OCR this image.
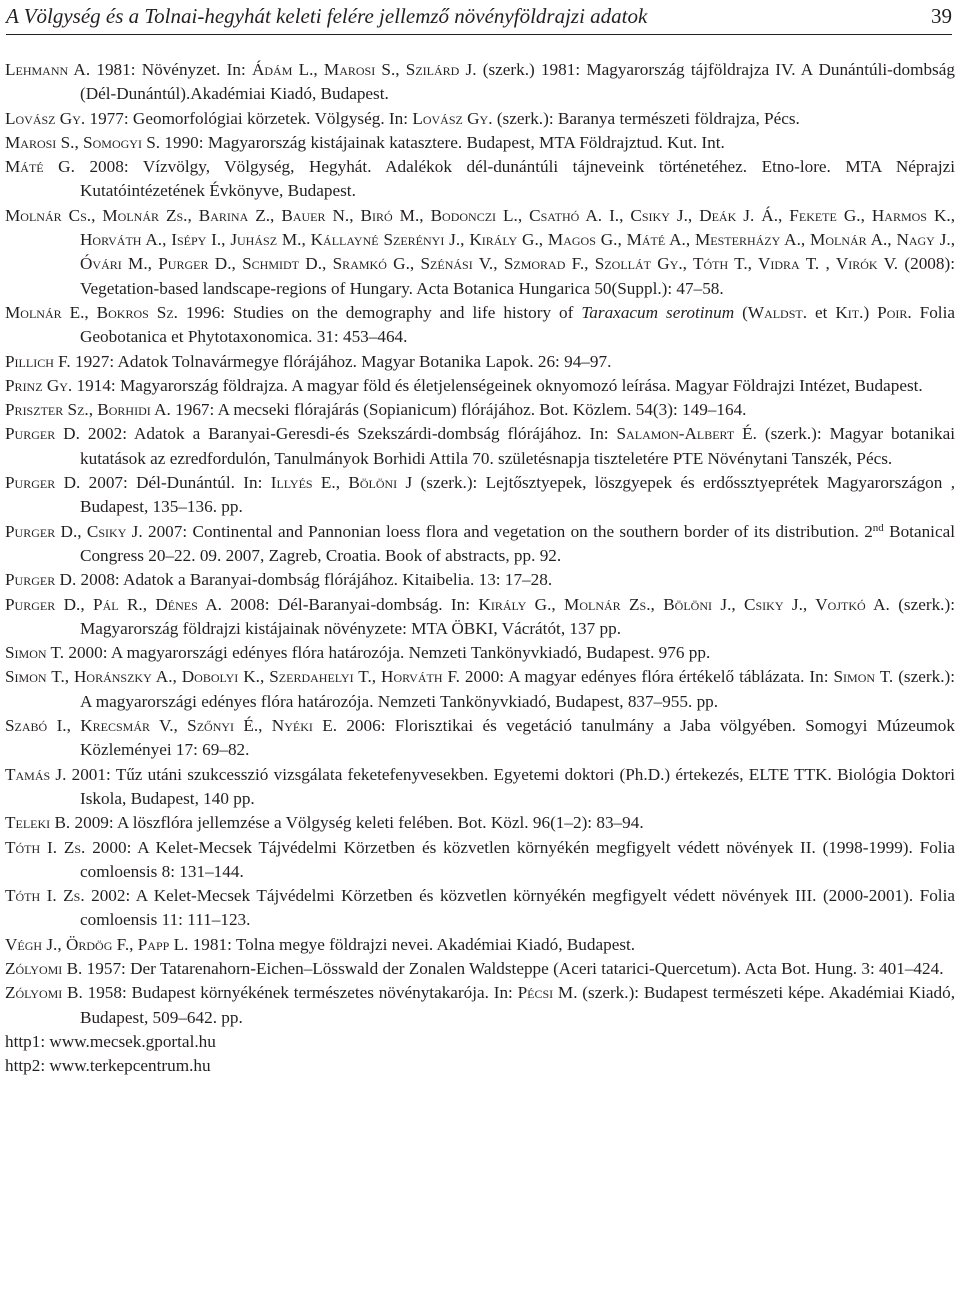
A Völgység és a Tolnai-hegyhát keleti felére jellemző növényföldrajzi adatok	39
Lehmann A. 1981: Növényzet. In: Ádám L., Marosi S., Szilárd J. (szerk.) 1981: Magyarország tájföldrajza IV. A Dunántúli-dombság (Dél-Dunántúl).Akadémiai Kiadó, Budapest.
Lovász Gy. 1977: Geomorfológiai körzetek. Völgység. In: Lovász Gy. (szerk.): Baranya természeti földrajza, Pécs.
Marosi S., Somogyi S. 1990: Magyarország kistájainak katasztere. Budapest, MTA Földrajztud. Kut. Int.
Máté G. 2008: Vízvölgy, Völgység, Hegyhát. Adalékok dél-dunántúli tájneveink történetéhez. Etno-lore. MTA Néprajzi Kutatóintézetének Évkönyve, Budapest.
Molnár Cs., Molnár Zs., Barina Z., Bauer N., Biró M., Bodonczi L., Csathó A. I., Csiky J., Deák J. Á., Fekete G., Harmos K., Horváth A., Isépy I., Juhász M., Kállayné Szerényi J., Király G., Magos G., Máté A., Mesterházy A., Molnár A., Nagy J., Óvári M., Purger D., Schmidt D., Sramkó G., Szénási V., Szmorad F., Szollát Gy., Tóth T., Vidra T. , Virók V. (2008): Vegetation-based landscape-regions of Hungary. Acta Botanica Hungarica 50(Suppl.): 47–58.
Molnár E., Bokros Sz. 1996: Studies on the demography and life history of Taraxacum serotinum (Waldst. et Kit.) Poir. Folia Geobotanica et Phytotaxonomica. 31: 453–464.
Pillich F. 1927: Adatok Tolnavármegye flórájához. Magyar Botanika Lapok. 26: 94–97.
Prinz Gy. 1914: Magyarország földrajza. A magyar föld és életjelenségeinek oknyomozó leírása. Magyar Földrajzi Intézet, Budapest.
Priszter Sz., Borhidi A. 1967: A mecseki flórajárás (Sopianicum) flórájához. Bot. Közlem. 54(3): 149–164.
Purger D. 2002: Adatok a Baranyai-Geresdi-és Szekszárdi-dombság flórájához. In: Salamon-Albert É. (szerk.): Magyar botanikai kutatások az ezredfordulón, Tanulmányok Borhidi Attila 70. születésnapja tiszteletére PTE Növénytani Tanszék, Pécs.
Purger D. 2007: Dél-Dunántúl. In: Illyés E., Bölöni J (szerk.): Lejtősztyepek, löszgyepek és erdőssztyeprétek Magyarországon , Budapest, 135–136. pp.
Purger D., Csiky J. 2007: Continental and Pannonian loess flora and vegetation on the southern border of its distribution. 2nd Botanical Congress 20–22. 09. 2007, Zagreb, Croatia. Book of abstracts, pp. 92.
Purger D. 2008: Adatok a Baranyai-dombság flórájához. Kitaibelia. 13: 17–28.
Purger D., Pál R., Dénes A. 2008: Dél-Baranyai-dombság. In: Király G., Molnár Zs., Bölöni J., Csiky J., Vojtkó A. (szerk.): Magyarország földrajzi kistájainak növényzete: MTA ÖBKI, Vácrátót, 137 pp.
Simon T. 2000: A magyarországi edényes flóra határozója. Nemzeti Tankönyvkiadó, Budapest. 976 pp.
Simon T., Horánszky A., Dobolyi K., Szerdahelyi T., Horváth F. 2000: A magyar edényes flóra értékelő táblázata. In: Simon T. (szerk.): A magyarországi edényes flóra határozója. Nemzeti Tankönyvkiadó, Budapest, 837–955. pp.
Szabó I., Krecsmár V., Szőnyi É., Nyéki E. 2006: Florisztikai és vegetáció tanulmány a Jaba völgyében. Somogyi Múzeumok Közleményei 17: 69–82.
Tamás J. 2001: Tűz utáni szukcesszió vizsgálata feketefenyvesekben. Egyetemi doktori (Ph.D.) értekezés, ELTE TTK. Biológia Doktori Iskola, Budapest, 140 pp.
Teleki B. 2009: A löszflóra jellemzése a Völgység keleti felében. Bot. Közl. 96(1–2): 83–94.
Tóth I. Zs. 2000: A Kelet-Mecsek Tájvédelmi Körzetben és közvetlen környékén megfigyelt védett növények II. (1998-1999). Folia comloensis 8: 131–144.
Tóth I. Zs. 2002: A Kelet-Mecsek Tájvédelmi Körzetben és közvetlen környékén megfigyelt védett növények III. (2000-2001). Folia comloensis 11: 111–123.
Végh J., Ördög F., Papp L. 1981: Tolna megye földrajzi nevei. Akadémiai Kiadó, Budapest.
Zólyomi B. 1957: Der Tatarenahorn-Eichen–Lösswald der Zonalen Waldsteppe (Aceri tatarici-Quercetum). Acta Bot. Hung. 3: 401–424.
Zólyomi B. 1958: Budapest környékének természetes növénytakarója. In: Pécsi M. (szerk.): Budapest természeti képe. Akadémiai Kiadó, Budapest, 509–642. pp.
http1: www.mecsek.gportal.hu
http2: www.terkepcentrum.hu
